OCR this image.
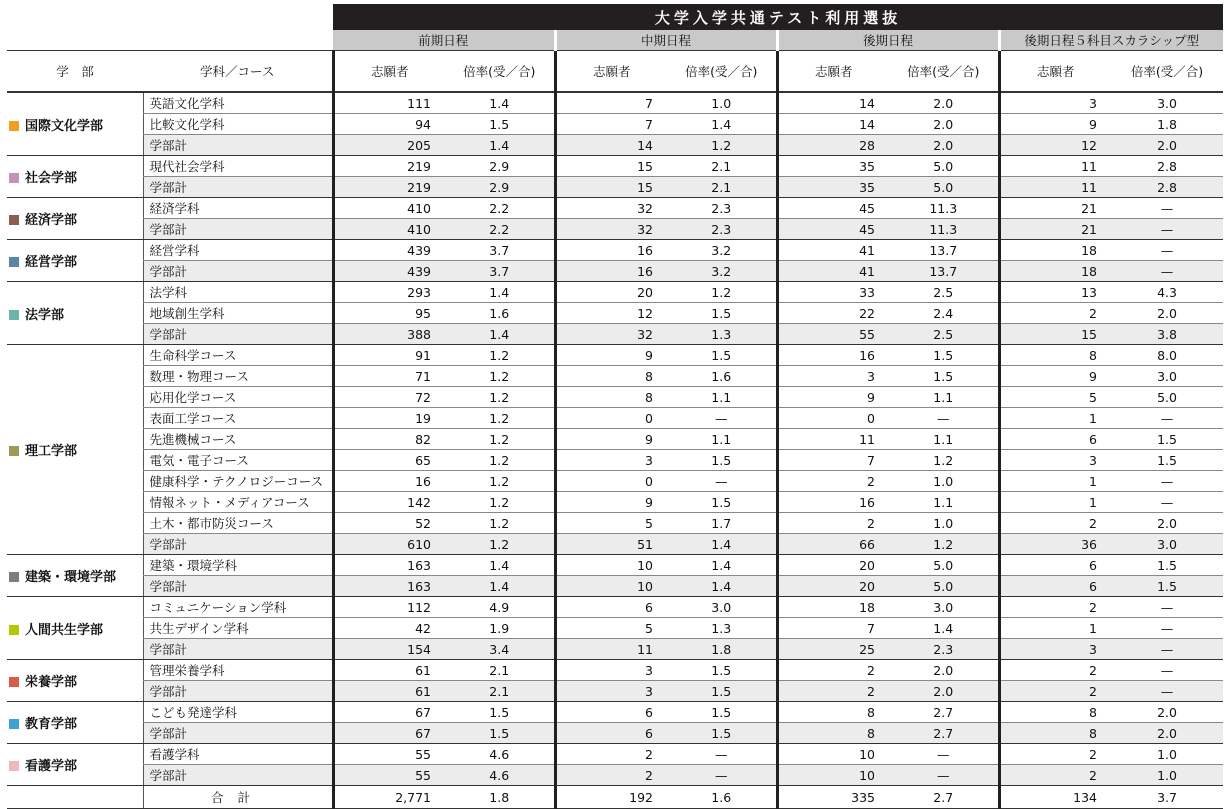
		大学入学共通テスト利用選抜							
		前期日程		中期日程		後期日程		後期日程５科目スカラシップ型	
学　部	学科／コース	志願者	倍率(受／合)	志願者	倍率(受／合)	志願者	倍率(受／合)	志願者	倍率(受／合)
国際文化学部	英語文化学科	111	1.4	7	1.0	14	2.0	3	3.0
	比較文化学科	94	1.5	7	1.4	14	2.0	9	1.8
	学部計	205	1.4	14	1.2	28	2.0	12	2.0
社会学部	現代社会学科	219	2.9	15	2.1	35	5.0	11	2.8
	学部計	219	2.9	15	2.1	35	5.0	11	2.8
経済学部	経済学科	410	2.2	32	2.3	45	11.3	21	—
	学部計	410	2.2	32	2.3	45	11.3	21	—
経営学部	経営学科	439	3.7	16	3.2	41	13.7	18	—
	学部計	439	3.7	16	3.2	41	13.7	18	—
法学部	法学科	293	1.4	20	1.2	33	2.5	13	4.3
	地域創生学科	95	1.6	12	1.5	22	2.4	2	2.0
	学部計	388	1.4	32	1.3	55	2.5	15	3.8
理工学部	生命科学コース	91	1.2	9	1.5	16	1.5	8	8.0
	数理・物理コース	71	1.2	8	1.6	3	1.5	9	3.0
	応用化学コース	72	1.2	8	1.1	9	1.1	5	5.0
	表面工学コース	19	1.2	0	—	0	—	1	—
	先進機械コース	82	1.2	9	1.1	11	1.1	6	1.5
	電気・電子コース	65	1.2	3	1.5	7	1.2	3	1.5
	健康科学・テクノロジーコース	16	1.2	0	—	2	1.0	1	—
	情報ネット・メディアコース	142	1.2	9	1.5	16	1.1	1	—
	土木・都市防災コース	52	1.2	5	1.7	2	1.0	2	2.0
	学部計	610	1.2	51	1.4	66	1.2	36	3.0
建築・環境学部	建築・環境学科	163	1.4	10	1.4	20	5.0	6	1.5
	学部計	163	1.4	10	1.4	20	5.0	6	1.5
人間共生学部	コミュニケーション学科	112	4.9	6	3.0	18	3.0	2	—
	共生デザイン学科	42	1.9	5	1.3	7	1.4	1	—
	学部計	154	3.4	11	1.8	25	2.3	3	—
栄養学部	管理栄養学科	61	2.1	3	1.5	2	2.0	2	—
	学部計	61	2.1	3	1.5	2	2.0	2	—
教育学部	こども発達学科	67	1.5	6	1.5	8	2.7	8	2.0
	学部計	67	1.5	6	1.5	8	2.7	8	2.0
看護学部	看護学科	55	4.6	2	—	10	—	2	1.0
	学部計	55	4.6	2	—	10	—	2	1.0
	合計	2,771	1.8	192	1.6	335	2.7	134	3.7
